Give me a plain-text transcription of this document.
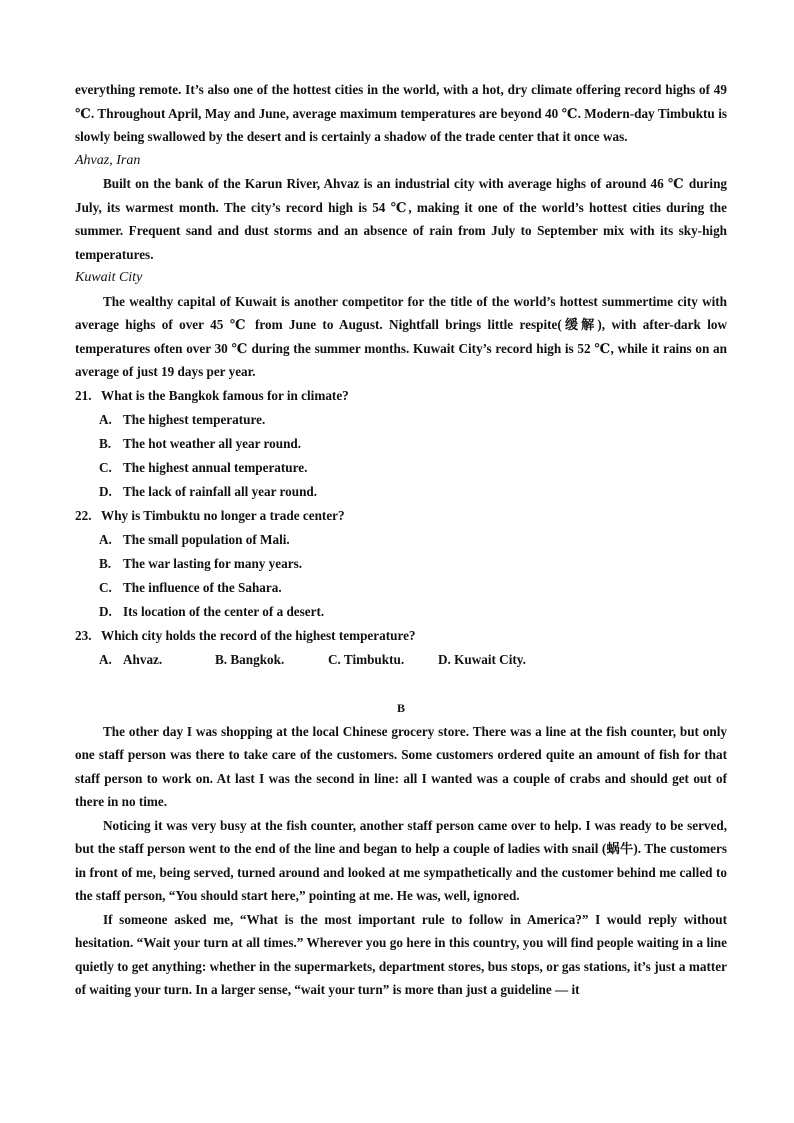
everything remote. It’s also one of the hottest cities in the world, with a hot, dry climate offering record highs of 49 ℃. Throughout April, May and June, average maximum temperatures are beyond 40 ℃. Modern-day Timbuktu is slowly being swallowed by the desert and is certainly a shadow of the trade center that it once was.

Ahvaz, Iran

Built on the bank of the Karun River, Ahvaz is an industrial city with average highs of around 46 ℃ during July, its warmest month. The city’s record high is 54 ℃, making it one of the world’s hottest cities during the summer. Frequent sand and dust storms and an absence of rain from July to September mix with its sky-high temperatures.

Kuwait City

The wealthy capital of Kuwait is another competitor for the title of the world’s hottest summertime city with average highs of over 45 ℃ from June to August. Nightfall brings little respite(缓解), with after-dark low temperatures often over 30 ℃ during the summer months. Kuwait City’s record high is 52 ℃, while it rains on an average of just 19 days per year.

21. What is the Bangkok famous for in climate?

A. The highest temperature.

B. The hot weather all year round.

C. The highest annual temperature.

D. The lack of rainfall all year round.

22. Why is Timbuktu no longer a trade center?

A. The small population of Mali.

B. The war lasting for many years.

C. The influence of the Sahara.

D. Its location of the center of a desert.

23. Which city holds the record of the highest temperature?

A. Ahvaz.	B. Bangkok.	C. Timbuktu.	D. Kuwait City.

B

The other day I was shopping at the local Chinese grocery store. There was a line at the fish counter, but only one staff person was there to take care of the customers. Some customers ordered quite an amount of fish for that staff person to work on. At last I was the second in line: all I wanted was a couple of crabs and should get out of there in no time.

Noticing it was very busy at the fish counter, another staff person came over to help. I was ready to be served, but the staff person went to the end of the line and began to help a couple of ladies with snail (蜗牛). The customers in front of me, being served, turned around and looked at me sympathetically and the customer behind me called to the staff person, “You should start here,” pointing at me. He was, well, ignored.

If someone asked me, “What is the most important rule to follow in America?” I would reply without hesitation. “Wait your turn at all times.” Wherever you go here in this country, you will find people waiting in a line quietly to get anything: whether in the supermarkets, department stores, bus stops, or gas stations, it’s just a matter of waiting your turn. In a larger sense, “wait your turn” is more than just a guideline — it
